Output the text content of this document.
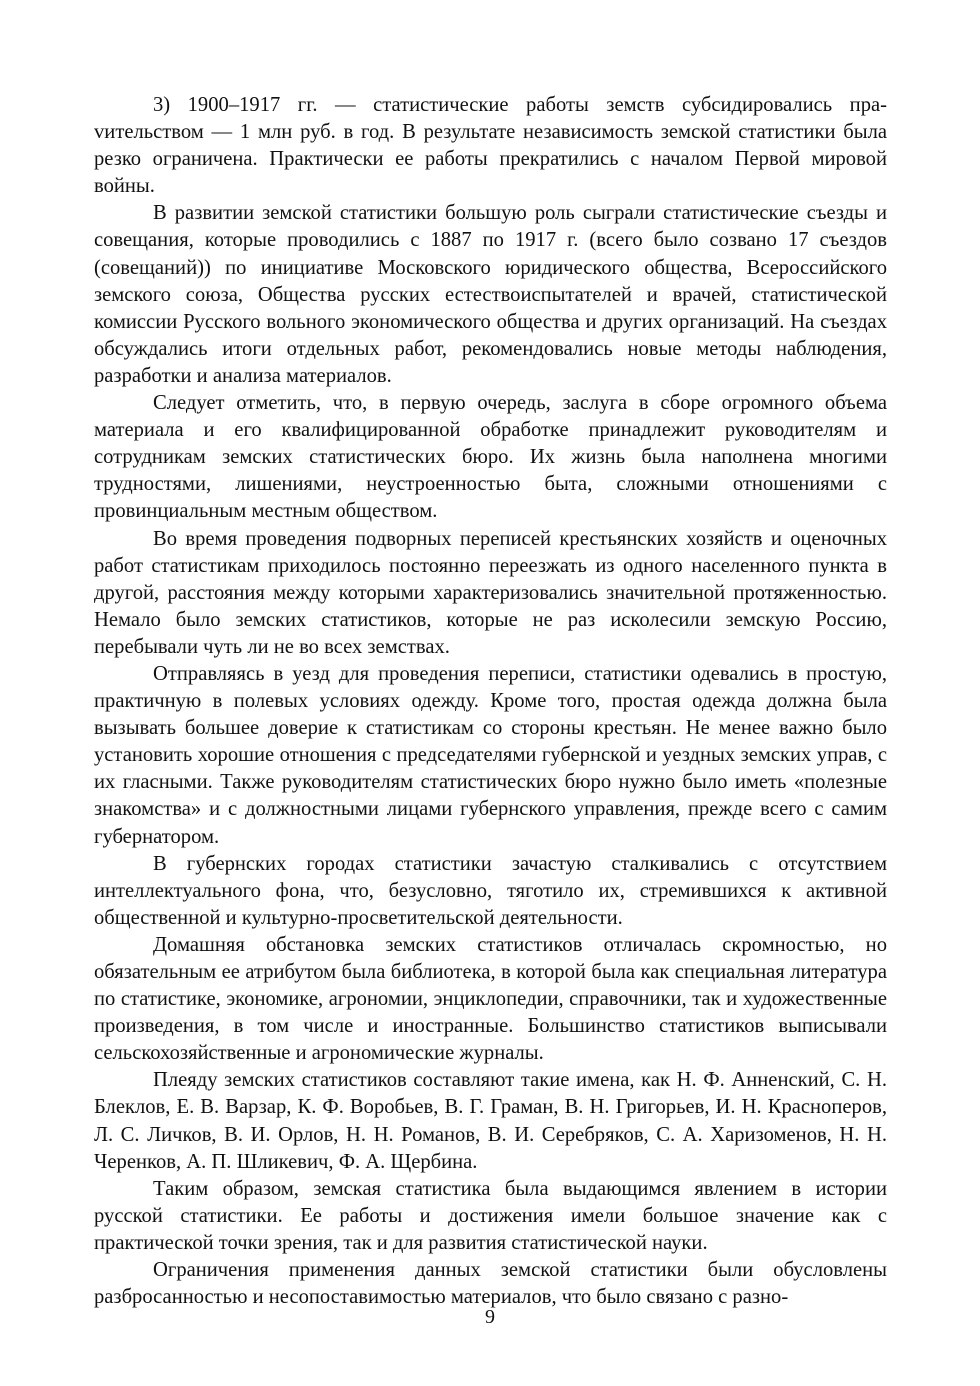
3) 1900–1917 гг. — статистические работы земств субсидировались праvительством — 1 млн руб. в год. В результате независимость земской статистики была резко ограничена. Практически ее работы прекратились с началом Первой мировой войны.

В развитии земской статистики большую роль сыграли статистические съезды и совещания, которые проводились с 1887 по 1917 г. (всего было созвано 17 съездов (совещаний)) по инициативе Московского юридического общества, Всероссийского земского союза, Общества русских естествоиспытателей и врачей, статистической комиссии Русского вольного экономического общества и других организаций. На съездах обсуждались итоги отдельных работ, рекомендовались новые методы наблюдения, разработки и анализа материалов.

Следует отметить, что, в первую очередь, заслуга в сборе огромного объема материала и его квалифицированной обработке принадлежит руководителям и сотрудникам земских статистических бюро. Их жизнь была наполнена многими трудностями, лишениями, неустроенностью быта, сложными отношениями с провинциальным местным обществом.

Во время проведения подворных переписей крестьянских хозяйств и оценочных работ статистикам приходилось постоянно переезжать из одного населенного пункта в другой, расстояния между которыми характеризовались значительной протяженностью. Немало было земских статистиков, которые не раз исколесили земскую Россию, перебывали чуть ли не во всех земствах.

Отправляясь в уезд для проведения переписи, статистики одевались в простую, практичную в полевых условиях одежду. Кроме того, простая одежда должна была вызывать большее доверие к статистикам со стороны крестьян. Не менее важно было установить хорошие отношения с председателями губернской и уездных земских управ, с их гласными. Также руководителям статистических бюро нужно было иметь «полезные знакомства» и с должностными лицами губернского управления, прежде всего с самим губернатором.

В губернских городах статистики зачастую сталкивались с отсутствием интеллектуального фона, что, безусловно, тяготило их, стремившихся к активной общественной и культурно-просветительской деятельности.

Домашняя обстановка земских статистиков отличалась скромностью, но обязательным ее атрибутом была библиотека, в которой была как специальная литература по статистике, экономике, агрономии, энциклопедии, справочники, так и художественные произведения, в том числе и иностранные. Большинство статистиков выписывали сельскохозяйственные и агрономические журналы.

Плеяду земских статистиков составляют такие имена, как Н. Ф. Анненский, С. Н. Блеклов, Е. В. Варзар, К. Ф. Воробьев, В. Г. Граман, В. Н. Григорьев, И. Н. Красноперов, Л. С. Личков, В. И. Орлов, Н. Н. Романов, В. И. Серебряков, С. А. Харизоменов, Н. Н. Черенков, А. П. Шликевич, Ф. А. Щербина.

Таким образом, земская статистика была выдающимся явлением в истории русской статистики. Ее работы и достижения имели большое значение как с практической точки зрения, так и для развития статистической науки.

Ограничения применения данных земской статистики были обусловлены разбросанностью и несопоставимостью материалов, что было связано с разно-

9
